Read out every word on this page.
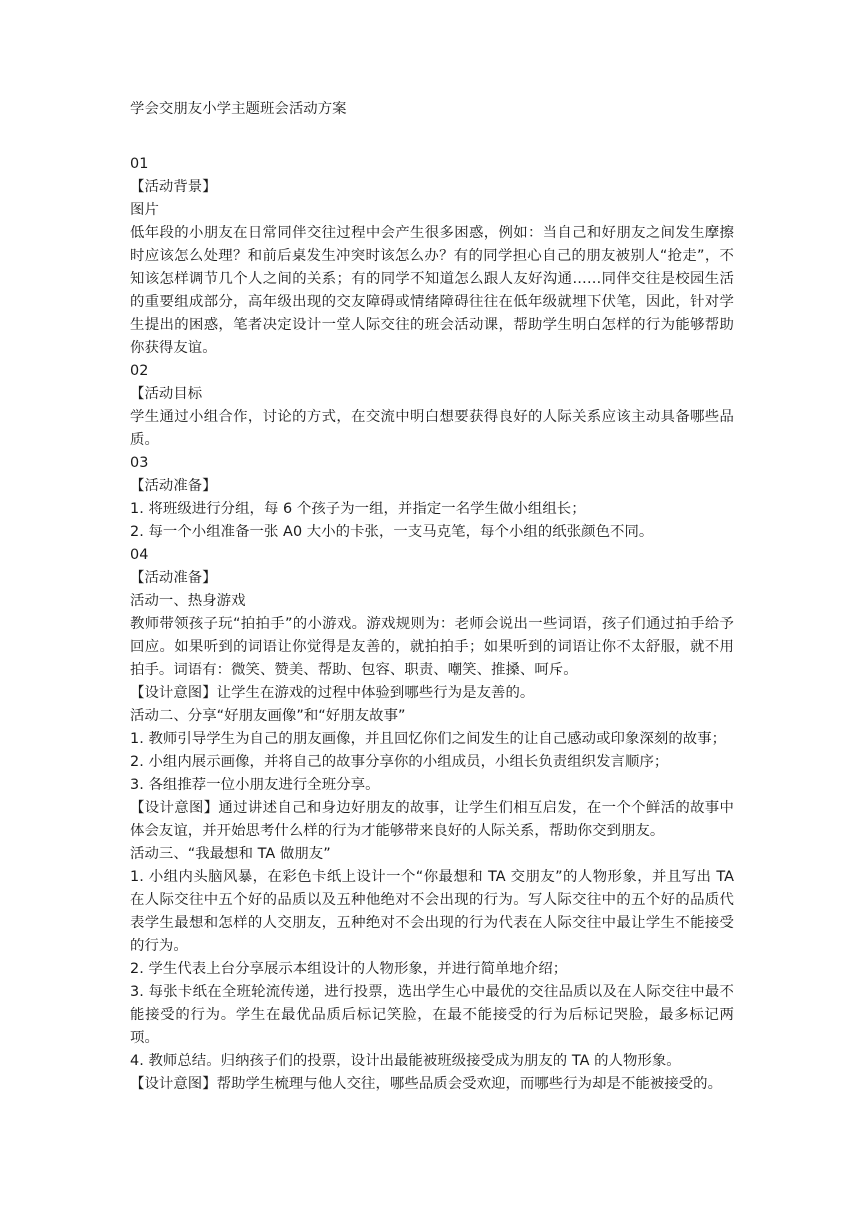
学会交朋友小学主题班会活动方案

01

【活动背景】

图片

低年段的小朋友在日常同伴交往过程中会产生很多困惑，例如：当自己和好朋友之间发生摩擦时应该怎么处理？和前后桌发生冲突时该怎么办？有的同学担心自己的朋友被别人“抢走”，不知该怎样调节几个人之间的关系；有的同学不知道怎么跟人友好沟通……同伴交往是校园生活的重要组成部分，高年级出现的交友障碍或情绪障碍往往在低年级就埋下伏笔，因此，针对学生提出的困惑，笔者决定设计一堂人际交往的班会活动课，帮助学生明白怎样的行为能够帮助你获得友谊。

02

【活动目标

学生通过小组合作，讨论的方式，在交流中明白想要获得良好的人际关系应该主动具备哪些品质。

03

【活动准备】

1. 将班级进行分组，每 6 个孩子为一组，并指定一名学生做小组组长；

2. 每一个小组准备一张 A0 大小的卡张，一支马克笔，每个小组的纸张颜色不同。

04

【活动准备】

活动一、热身游戏

教师带领孩子玩“拍拍手”的小游戏。游戏规则为：老师会说出一些词语，孩子们通过拍手给予回应。如果听到的词语让你觉得是友善的，就拍拍手；如果听到的词语让你不太舒服，就不用拍手。词语有：微笑、赞美、帮助、包容、职责、嘲笑、推搡、呵斥。

【设计意图】让学生在游戏的过程中体验到哪些行为是友善的。

活动二、分享“好朋友画像”和“好朋友故事”

1. 教师引导学生为自己的朋友画像，并且回忆你们之间发生的让自己感动或印象深刻的故事；

2. 小组内展示画像，并将自己的故事分享你的小组成员，小组长负责组织发言顺序；

3. 各组推荐一位小朋友进行全班分享。

【设计意图】通过讲述自己和身边好朋友的故事，让学生们相互启发，在一个个鲜活的故事中体会友谊，并开始思考什么样的行为才能够带来良好的人际关系，帮助你交到朋友。

活动三、“我最想和 TA 做朋友”

1. 小组内头脑风暴，在彩色卡纸上设计一个“你最想和 TA 交朋友”的人物形象，并且写出 TA 在人际交往中五个好的品质以及五种他绝对不会出现的行为。写人际交往中的五个好的品质代表学生最想和怎样的人交朋友，五种绝对不会出现的行为代表在人际交往中最让学生不能接受的行为。

2. 学生代表上台分享展示本组设计的人物形象，并进行简单地介绍；

3. 每张卡纸在全班轮流传递，进行投票，选出学生心中最优的交往品质以及在人际交往中最不能接受的行为。学生在最优品质后标记笑脸，在最不能接受的行为后标记哭脸，最多标记两项。

4. 教师总结。归纳孩子们的投票，设计出最能被班级接受成为朋友的 TA 的人物形象。

【设计意图】帮助学生梳理与他人交往，哪些品质会受欢迎，而哪些行为却是不能被接受的。
